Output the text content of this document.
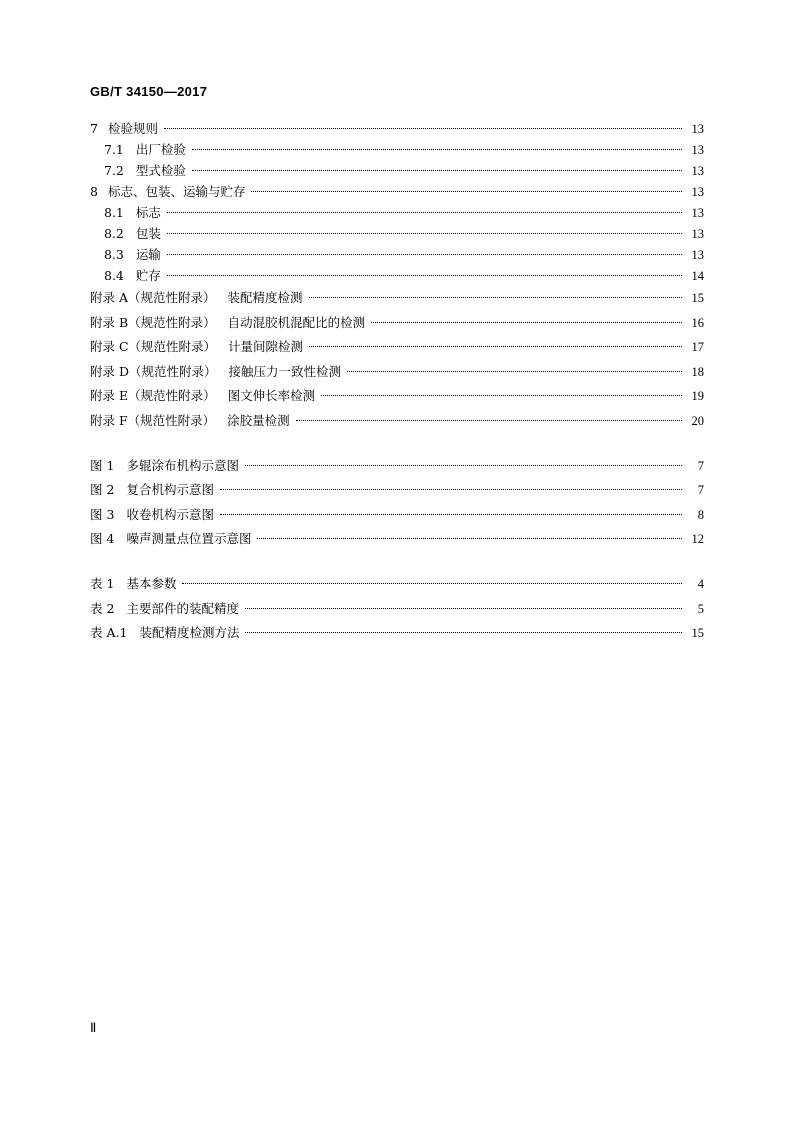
GB/T 34150—2017
7 检验规则	13
7.1 出厂检验	13
7.2 型式检验	13
8 标志、包装、运输与贮存	13
8.1 标志	13
8.2 包装	13
8.3 运输	13
8.4 贮存	14
附录 A（规范性附录） 装配精度检测	15
附录 B（规范性附录） 自动混胶机混配比的检测	16
附录 C（规范性附录） 计量间隙检测	17
附录 D（规范性附录） 接触压力一致性检测	18
附录 E（规范性附录） 图文伸长率检测	19
附录 F（规范性附录） 涂胶量检测	20
图 1 多辊涂布机构示意图	7
图 2 复合机构示意图	7
图 3 收卷机构示意图	8
图 4 噪声测量点位置示意图	12
表 1 基本参数	4
表 2 主要部件的装配精度	5
表 A.1 装配精度检测方法	15
Ⅱ
